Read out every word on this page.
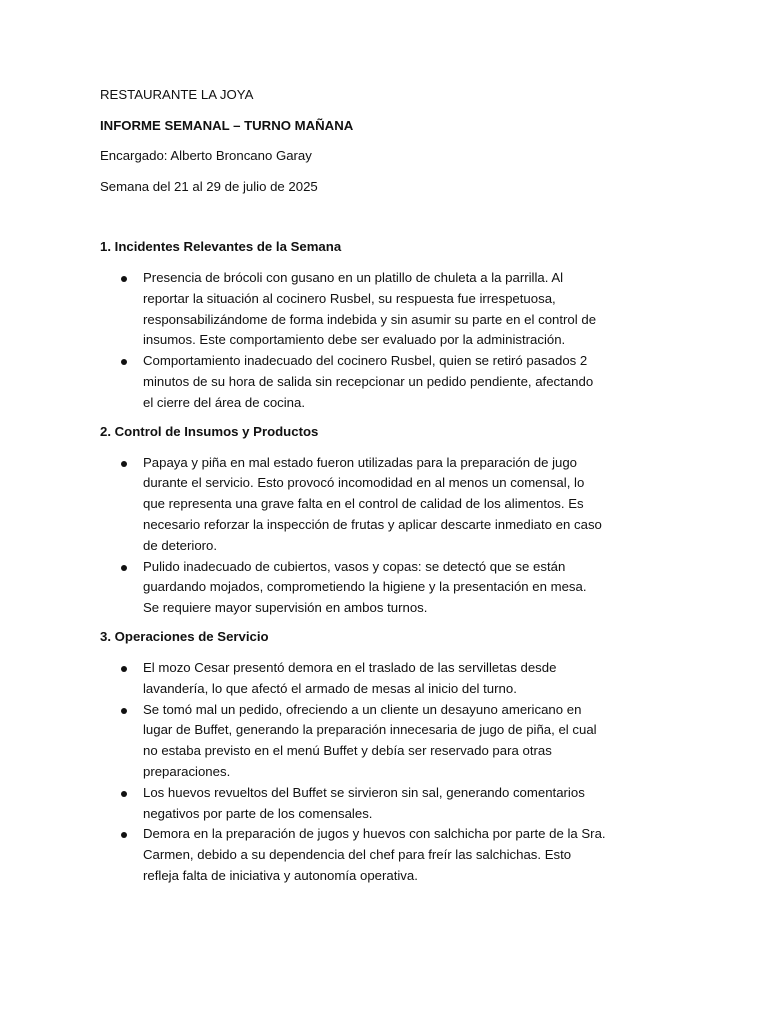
RESTAURANTE LA JOYA
INFORME SEMANAL – TURNO MAÑANA
Encargado: Alberto Broncano Garay
Semana del 21 al 29 de julio de 2025
1. Incidentes Relevantes de la Semana
Presencia de brócoli con gusano en un platillo de chuleta a la parrilla. Al reportar la situación al cocinero Rusbel, su respuesta fue irrespetuosa, responsabilizándome de forma indebida y sin asumir su parte en el control de insumos. Este comportamiento debe ser evaluado por la administración.
Comportamiento inadecuado del cocinero Rusbel, quien se retiró pasados 2 minutos de su hora de salida sin recepcionar un pedido pendiente, afectando el cierre del área de cocina.
2. Control de Insumos y Productos
Papaya y piña en mal estado fueron utilizadas para la preparación de jugo durante el servicio. Esto provocó incomodidad en al menos un comensal, lo que representa una grave falta en el control de calidad de los alimentos. Es necesario reforzar la inspección de frutas y aplicar descarte inmediato en caso de deterioro.
Pulido inadecuado de cubiertos, vasos y copas: se detectó que se están guardando mojados, comprometiendo la higiene y la presentación en mesa. Se requiere mayor supervisión en ambos turnos.
3. Operaciones de Servicio
El mozo Cesar presentó demora en el traslado de las servilletas desde lavandería, lo que afectó el armado de mesas al inicio del turno.
Se tomó mal un pedido, ofreciendo a un cliente un desayuno americano en lugar de Buffet, generando la preparación innecesaria de jugo de piña, el cual no estaba previsto en el menú Buffet y debía ser reservado para otras preparaciones.
Los huevos revueltos del Buffet se sirvieron sin sal, generando comentarios negativos por parte de los comensales.
Demora en la preparación de jugos y huevos con salchicha por parte de la Sra. Carmen, debido a su dependencia del chef para freír las salchichas. Esto refleja falta de iniciativa y autonomía operativa.
